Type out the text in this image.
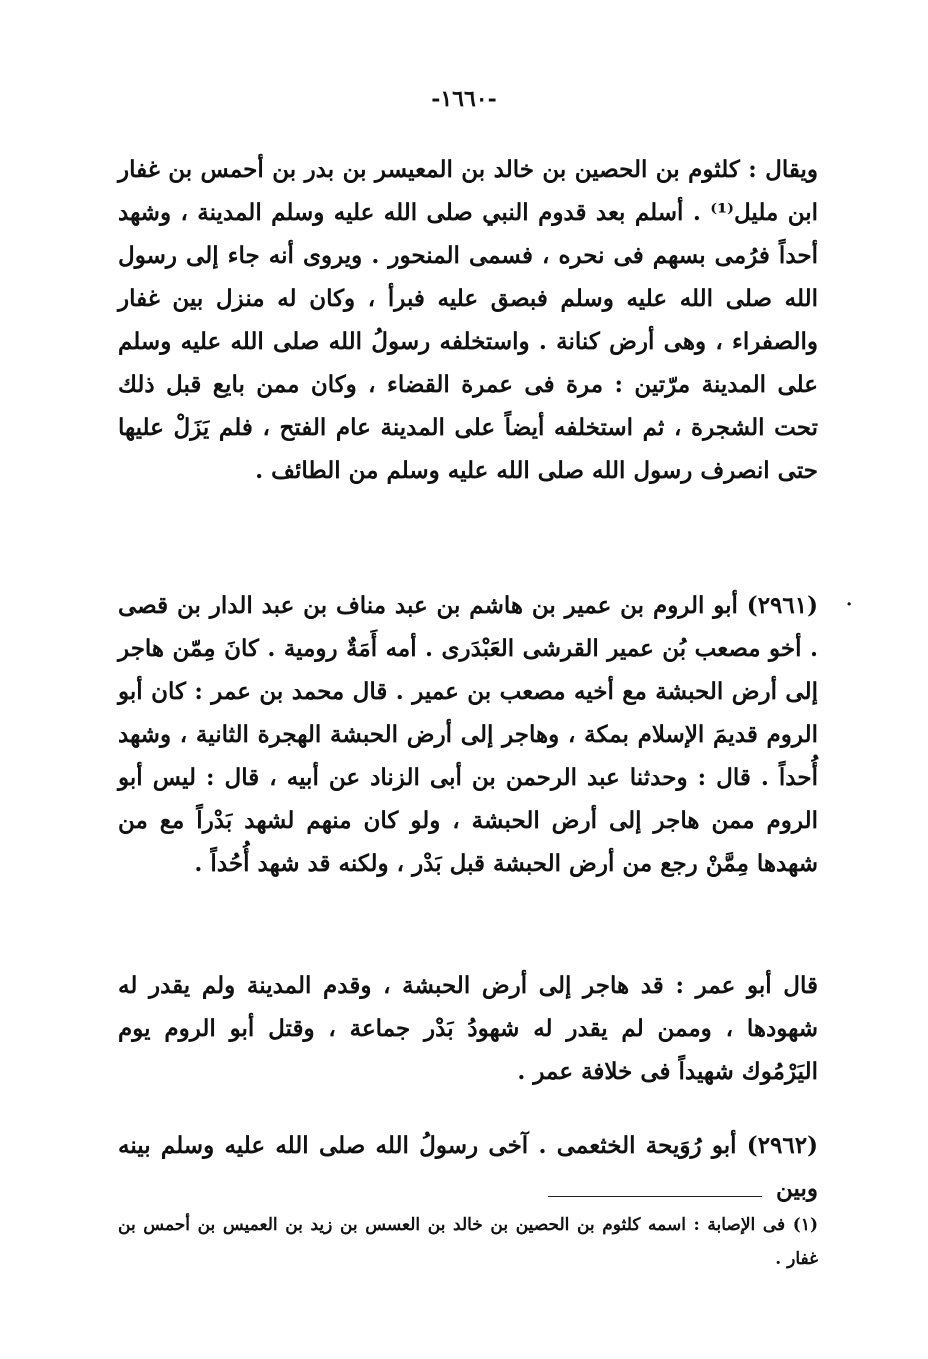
-١٦٦٠-

ويقال : كلثوم بن الحصين بن خالد بن المعيسر بن بدر بن أحمس بن غفار ابن مليل⁽¹⁾ . أسلم بعد قدوم النبي صلى الله عليه وسلم المدينة ، وشهد أحداً فرُمى بسهم فى نحره ، فسمى المنحور . ويروى أنه جاء إلى رسول الله صلى الله عليه وسلم فبصق عليه فبرأ ، وكان له منزل بين غفار والصفراء ، وهى أرض كنانة . واستخلفه رسولُ الله صلى الله عليه وسلم على المدينة مرّتين : مرة فى عمرة القضاء ، وكان ممن بايع قبل ذلك تحت الشجرة ، ثم استخلفه أيضاً على المدينة عام الفتح ، فلم يَزَلْ عليها حتى انصرف رسول الله صلى الله عليه وسلم من الطائف .

·

(٢٩٦١) أبو الروم بن عمير بن هاشم بن عبد مناف بن عبد الدار بن قصى . أخو مصعب بُن عمير القرشى العَبْدَرى . أمه أَمَةٌ رومية . كانَ مِمّن هاجر إلى أرض الحبشة مع أخيه مصعب بن عمير . قال محمد بن عمر : كان أبو الروم قديمَ الإسلام بمكة ، وهاجر إلى أرض الحبشة الهجرة الثانية ، وشهد أُحداً . قال : وحدثنا عبد الرحمن بن أبى الزناد عن أبيه ، قال : ليس أبو الروم ممن هاجر إلى أرض الحبشة ، ولو كان منهم لشهد بَدْراً مع من شهدها مِمَّنْ رجع من أرض الحبشة قبل بَدْر ، ولكنه قد شهد أُحُداً .

قال أبو عمر : قد هاجر إلى أرض الحبشة ، وقدم المدينة ولم يقدر له شهودها ، وممن لم يقدر له شهودُ بَدْر جماعة ، وقتل أبو الروم يوم اليَرْمُوك شهيداً فى خلافة عمر .

(٢٩٦٢) أبو رُوَيحة الخثعمى . آخى رسولُ الله صلى الله عليه وسلم بينه وبين

(١) فى الإصابة : اسمه كلثوم بن الحصين بن خالد بن العسس بن زيد بن العميس بن أحمس بن غفار .
